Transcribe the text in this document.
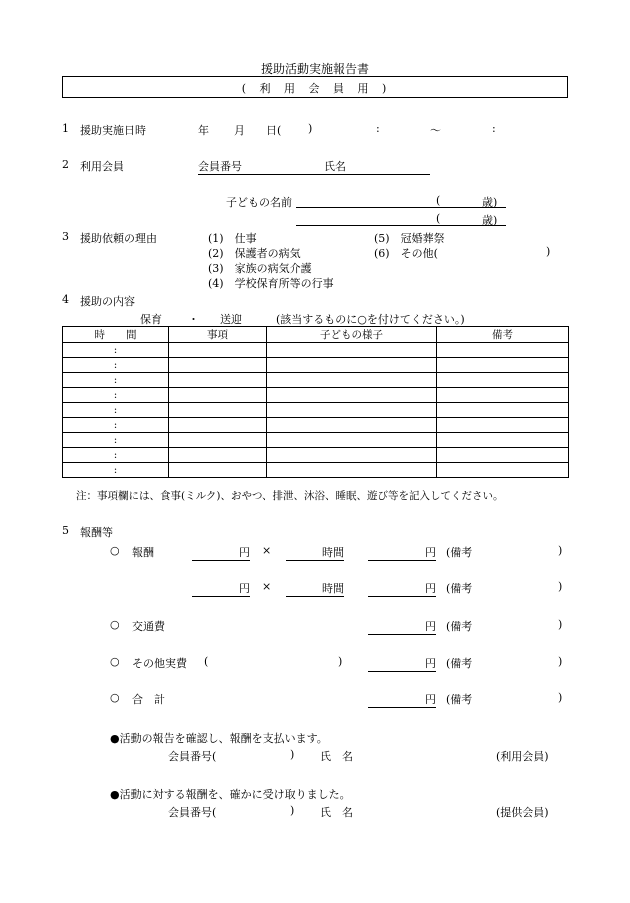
援助活動実施報告書
( 利 用 会 員 用 )
1 援助実施日時	年 月 日( )	:	〜	:
2 利用会員	会員番号	氏名
子どもの名前	(	歳)
(	歳)
3 援助依頼の理由	(1)　 仕事
(2)　 保護者の病気
(3)　 家族の病気介護
(4)　 学校保育所等の行事
(5)　 冠婚葬祭
(6)　 その他(	)
4 援助の内容
保育 ・ 送迎	(該当するものに○を付けてください。)
時　　間	事項	子どもの様子	備考
:			
:			
:			
:			
:			
:			
:			
:			
:			
注：事項欄には、食事(ミルク)、おやつ、排泄、沐浴、睡眠、遊び等を記入してください。
5 報酬等
○ 報酬	円 ×	時間	円 (備考	)
円 ×	時間	円 (備考	)
○ 交通費	円 (備考	)
○ その他実費 (	)	円 (備考	)
○ 合　計	円 (備考	)
●活動の報告を確認し、報酬を支払います。
会員番号(	) 氏　名	(利用会員)
●活動に対する報酬を、確かに受け取りました。
会員番号(	) 氏　名	(提供会員)
